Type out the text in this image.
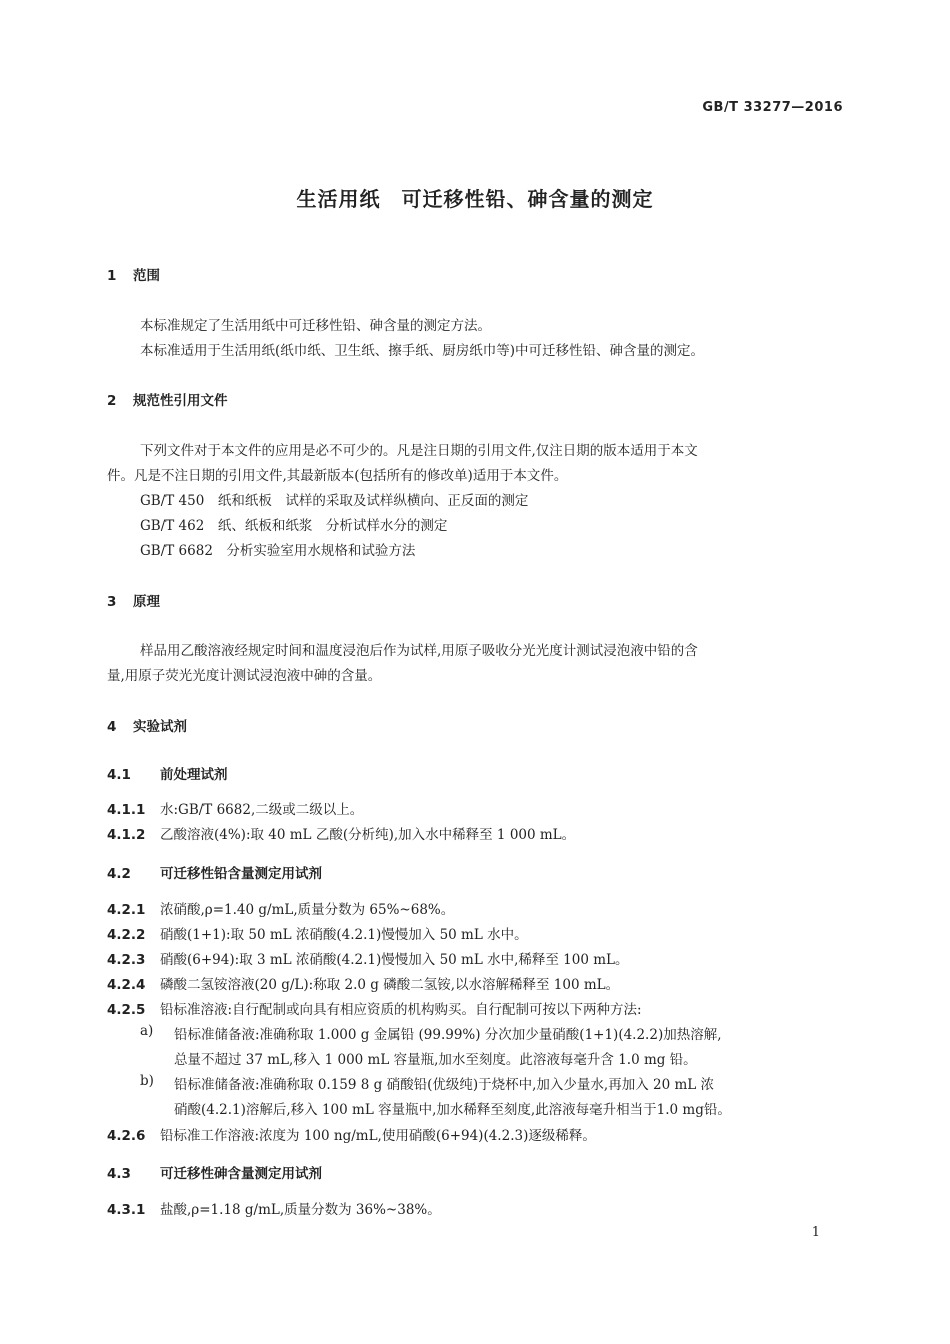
GB/T 33277—2016
生活用纸　可迁移性铅、砷含量的测定
1 范围
本标准规定了生活用纸中可迁移性铅、砷含量的测定方法。
本标准适用于生活用纸(纸巾纸、卫生纸、擦手纸、厨房纸巾等)中可迁移性铅、砷含量的测定。
2 规范性引用文件
下列文件对于本文件的应用是必不可少的。凡是注日期的引用文件,仅注日期的版本适用于本文
件。凡是不注日期的引用文件,其最新版本(包括所有的修改单)适用于本文件。
GB/T 450　纸和纸板　试样的采取及试样纵横向、正反面的测定
GB/T 462　纸、纸板和纸浆　分析试样水分的测定
GB/T 6682　分析实验室用水规格和试验方法
3 原理
样品用乙酸溶液经规定时间和温度浸泡后作为试样,用原子吸收分光光度计测试浸泡液中铅的含
量,用原子荧光光度计测试浸泡液中砷的含量。
4 实验试剂
4.1 前处理试剂
4.1.1 水:GB/T 6682,二级或二级以上。
4.1.2 乙酸溶液(4%):取 40 mL 乙酸(分析纯),加入水中稀释至 1 000 mL。
4.2 可迁移性铅含量测定用试剂
4.2.1 浓硝酸,ρ=1.40 g/mL,质量分数为 65%~68%。
4.2.2 硝酸(1+1):取 50 mL 浓硝酸(4.2.1)慢慢加入 50 mL 水中。
4.2.3 硝酸(6+94):取 3 mL 浓硝酸(4.2.1)慢慢加入 50 mL 水中,稀释至 100 mL。
4.2.4 磷酸二氢铵溶液(20 g/L):称取 2.0 g 磷酸二氢铵,以水溶解稀释至 100 mL。
4.2.5 铅标准溶液:自行配制或向具有相应资质的机构购买。自行配制可按以下两种方法:
a) 铅标准储备液:准确称取 1.000 g 金属铅 (99.99%) 分次加少量硝酸(1+1)(4.2.2)加热溶解,
总量不超过 37 mL,移入 1 000 mL 容量瓶,加水至刻度。此溶液每毫升含 1.0 mg 铅。
b) 铅标准储备液:准确称取 0.159 8 g 硝酸铅(优级纯)于烧杯中,加入少量水,再加入 20 mL 浓
硝酸(4.2.1)溶解后,移入 100 mL 容量瓶中,加水稀释至刻度,此溶液每毫升相当于1.0 mg铅。
4.2.6 铅标准工作溶液:浓度为 100 ng/mL,使用硝酸(6+94)(4.2.3)逐级稀释。
4.3 可迁移性砷含量测定用试剂
4.3.1 盐酸,ρ=1.18 g/mL,质量分数为 36%~38%。
1
